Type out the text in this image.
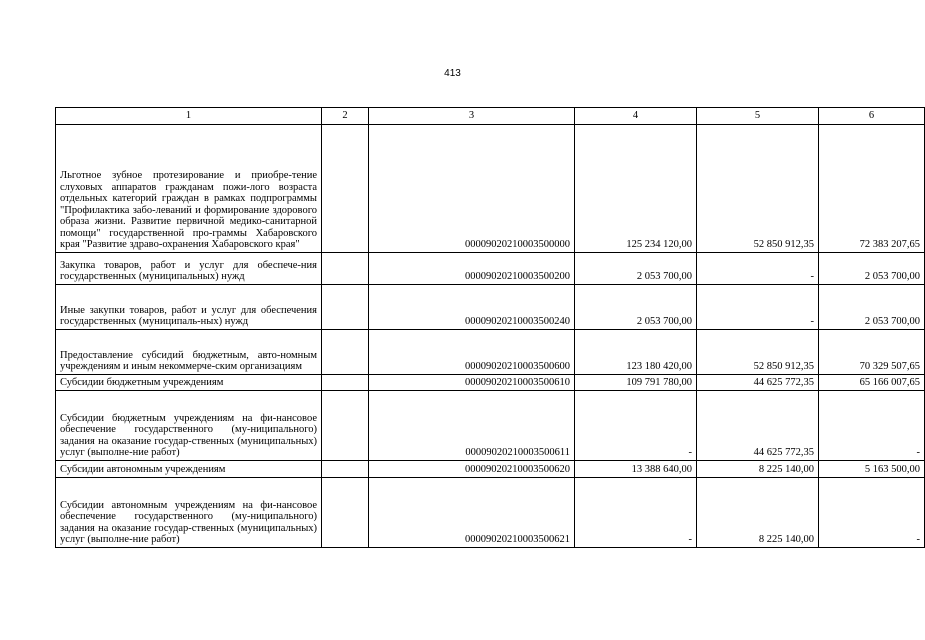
413
1	2	3	4	5	6
Льготное зубное протезирование и приобре-тение слуховых аппаратов гражданам пожи-лого возраста отдельных категорий граждан в рамках подпрограммы "Профилактика забо-леваний и формирование здорового образа жизни. Развитие первичной медико-санитарной помощи" государственной про-граммы Хабаровского края "Развитие здраво-охранения Хабаровского края"		00009020210003500000	125 234 120,00	52 850 912,35	72 383 207,65
Закупка товаров, работ и услуг для обеспече-ния государственных (муниципальных) нужд		00009020210003500200	2 053 700,00	-	2 053 700,00
Иные закупки товаров, работ и услуг для обеспечения государственных (муниципаль-ных) нужд		00009020210003500240	2 053 700,00	-	2 053 700,00
Предоставление субсидий бюджетным, авто-номным учреждениям и иным некоммерче-ским организациям		00009020210003500600	123 180 420,00	52 850 912,35	70 329 507,65
Субсидии бюджетным учреждениям		00009020210003500610	109 791 780,00	44 625 772,35	65 166 007,65
Субсидии бюджетным учреждениям на фи-нансовое обеспечение государственного (му-ниципального) задания на оказание государ-ственных (муниципальных) услуг (выполне-ние работ)		00009020210003500611	-	44 625 772,35	-
Субсидии автономным учреждениям		00009020210003500620	13 388 640,00	8 225 140,00	5 163 500,00
Субсидии автономным учреждениям на фи-нансовое обеспечение государственного (му-ниципального) задания на оказание государ-ственных (муниципальных) услуг (выполне-ние работ)		00009020210003500621	-	8 225 140,00	-
